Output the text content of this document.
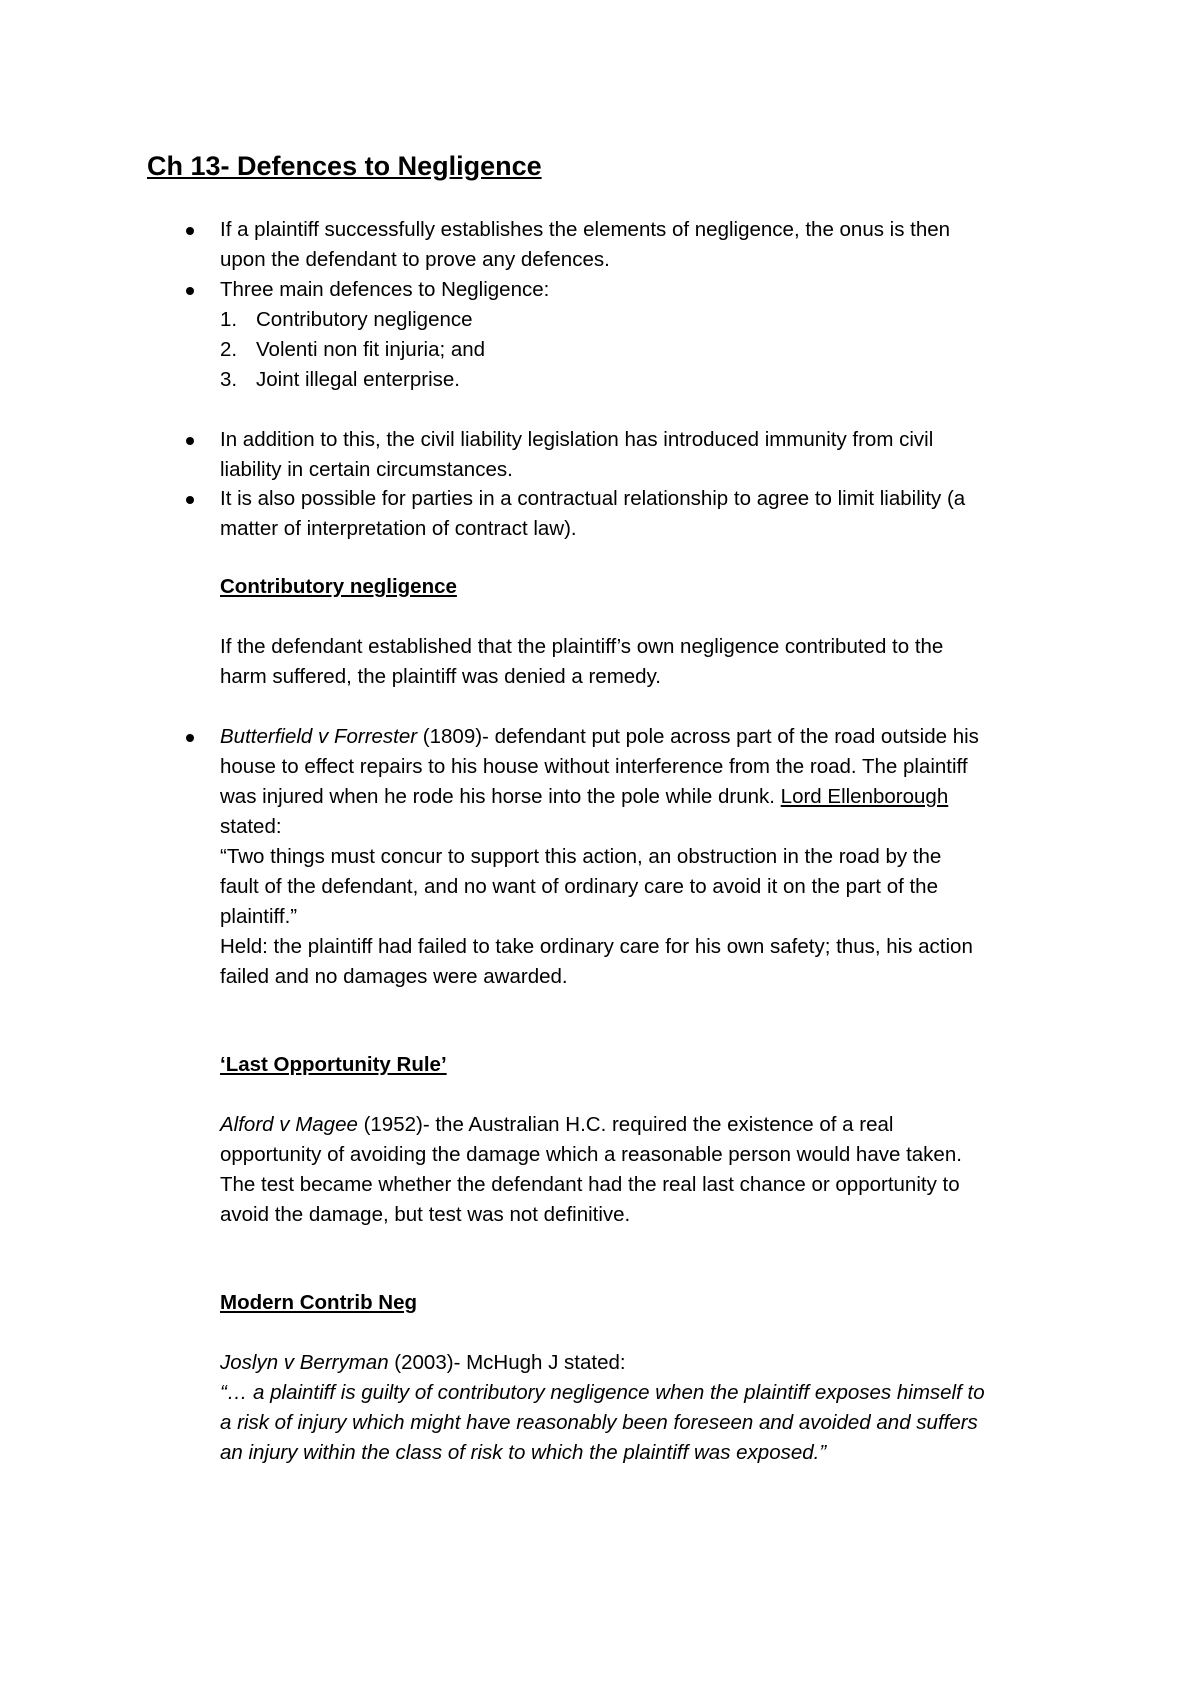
Ch 13- Defences to Negligence

If a plaintiff successfully establishes the elements of negligence, the onus is then

upon the defendant to prove any defences.

Three main defences to Negligence:

1. Contributory negligence
2. Volenti non fit injuria; and
3. Joint illegal enterprise.

In addition to this, the civil liability legislation has introduced immunity from civil

liability in certain circumstances.

It is also possible for parties in a contractual relationship to agree to limit liability (a

matter of interpretation of contract law).

Contributory negligence

If the defendant established that the plaintiff’s own negligence contributed to the

harm suffered, the plaintiff was denied a remedy.

Butterfield v Forrester (1809)- defendant put pole across part of the road outside his

house to effect repairs to his house without interference from the road. The plaintiff

was injured when he rode his horse into the pole while drunk. Lord Ellenborough

stated:

“Two things must concur to support this action, an obstruction in the road by the

fault of the defendant, and no want of ordinary care to avoid it on the part of the

plaintiff.”

Held: the plaintiff had failed to take ordinary care for his own safety; thus, his action

failed and no damages were awarded.

‘Last Opportunity Rule’

Alford v Magee (1952)- the Australian H.C. required the existence of a real

opportunity of avoiding the damage which a reasonable person would have taken.

The test became whether the defendant had the real last chance or opportunity to

avoid the damage, but test was not definitive.

Modern Contrib Neg

Joslyn v Berryman (2003)- McHugh J stated:

“… a plaintiff is guilty of contributory negligence when the plaintiff exposes himself to

a risk of injury which might have reasonably been foreseen and avoided and suffers

an injury within the class of risk to which the plaintiff was exposed.”
